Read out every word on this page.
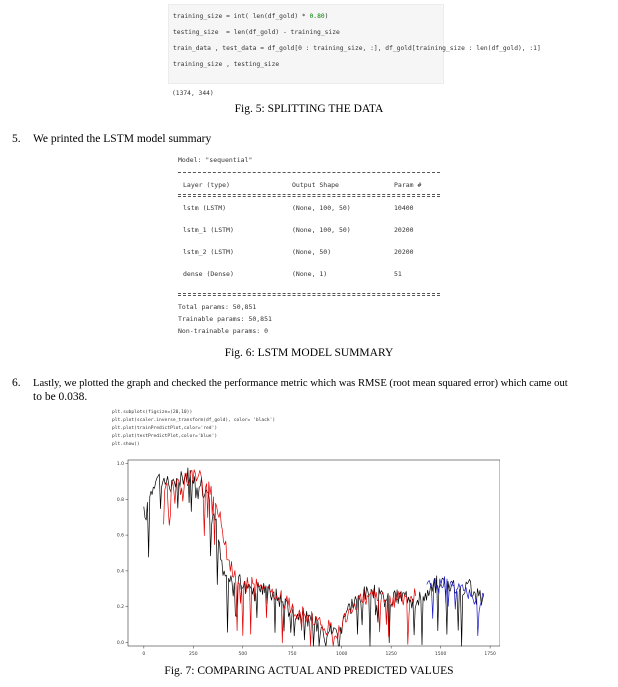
training_size = int( len(df_gold) * 0.80)
testing_size  = len(df_gold) - training_size
train_data , test_data = df_gold[0 : training_size, :], df_gold[training_size : len(df_gold), :1]
training_size , testing_size
(1374, 344)
Fig. 5: SPLITTING THE DATA
5. We printed the LSTM model summary
Model: "sequential"
Layer (type)	Output Shape	Param #
lstm (LSTM)	(None, 100, 50)	10400
lstm_1 (LSTM)	(None, 100, 50)	20200
lstm_2 (LSTM)	(None, 50)	20200
dense (Dense)	(None, 1)	51
Total params: 50,851
Trainable params: 50,851
Non-trainable params: 0
Fig. 6: LSTM MODEL SUMMARY
6. Lastly, we plotted the graph and checked the performance metric which was RMSE (root mean squared error) which came out
to be 0.038.
plt.subplots(figsize=(20,10))
plt.plot(scaler.inverse_transform(df_gold), color= 'black')
plt.plot(trainPredictPlot,color='red')
plt.plot(testPredictPlot,color='blue')
plt.show()
0	250	500	750	1000	1250	1500	1750
0.0
0.2
0.4
0.6
0.8
1.0
Fig. 7: COMPARING ACTUAL AND PREDICTED VALUES
